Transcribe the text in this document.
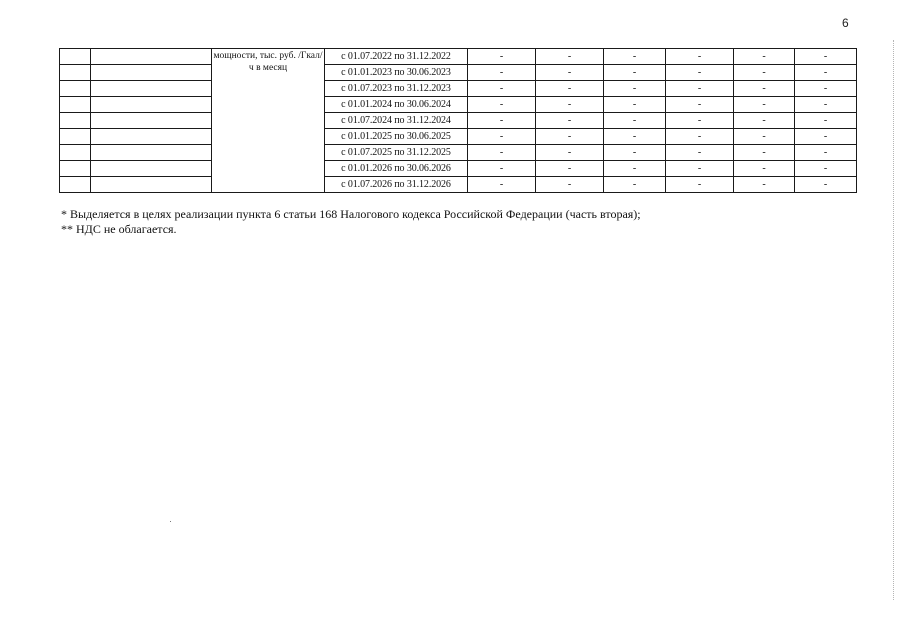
6
		мощности, тыс. руб. /Гкал/ч в месяц	с 01.07.2022 по 31.12.2022	-	-	-	-	-	-
			с 01.01.2023 по 30.06.2023	-	-	-	-	-	-
			с 01.07.2023 по 31.12.2023	-	-	-	-	-	-
			с 01.01.2024 по 30.06.2024	-	-	-	-	-	-
			с 01.07.2024 по 31.12.2024	-	-	-	-	-	-
			с 01.01.2025 по 30.06.2025	-	-	-	-	-	-
			с 01.07.2025 по 31.12.2025	-	-	-	-	-	-
			с 01.01.2026 по 30.06.2026	-	-	-	-	-	-
			с 01.07.2026 по 31.12.2026	-	-	-	-	-	-

* Выделяется в целях реализации пункта 6 статьи 168 Налогового кодекса Российской Федерации (часть вторая);

** НДС не облагается.
